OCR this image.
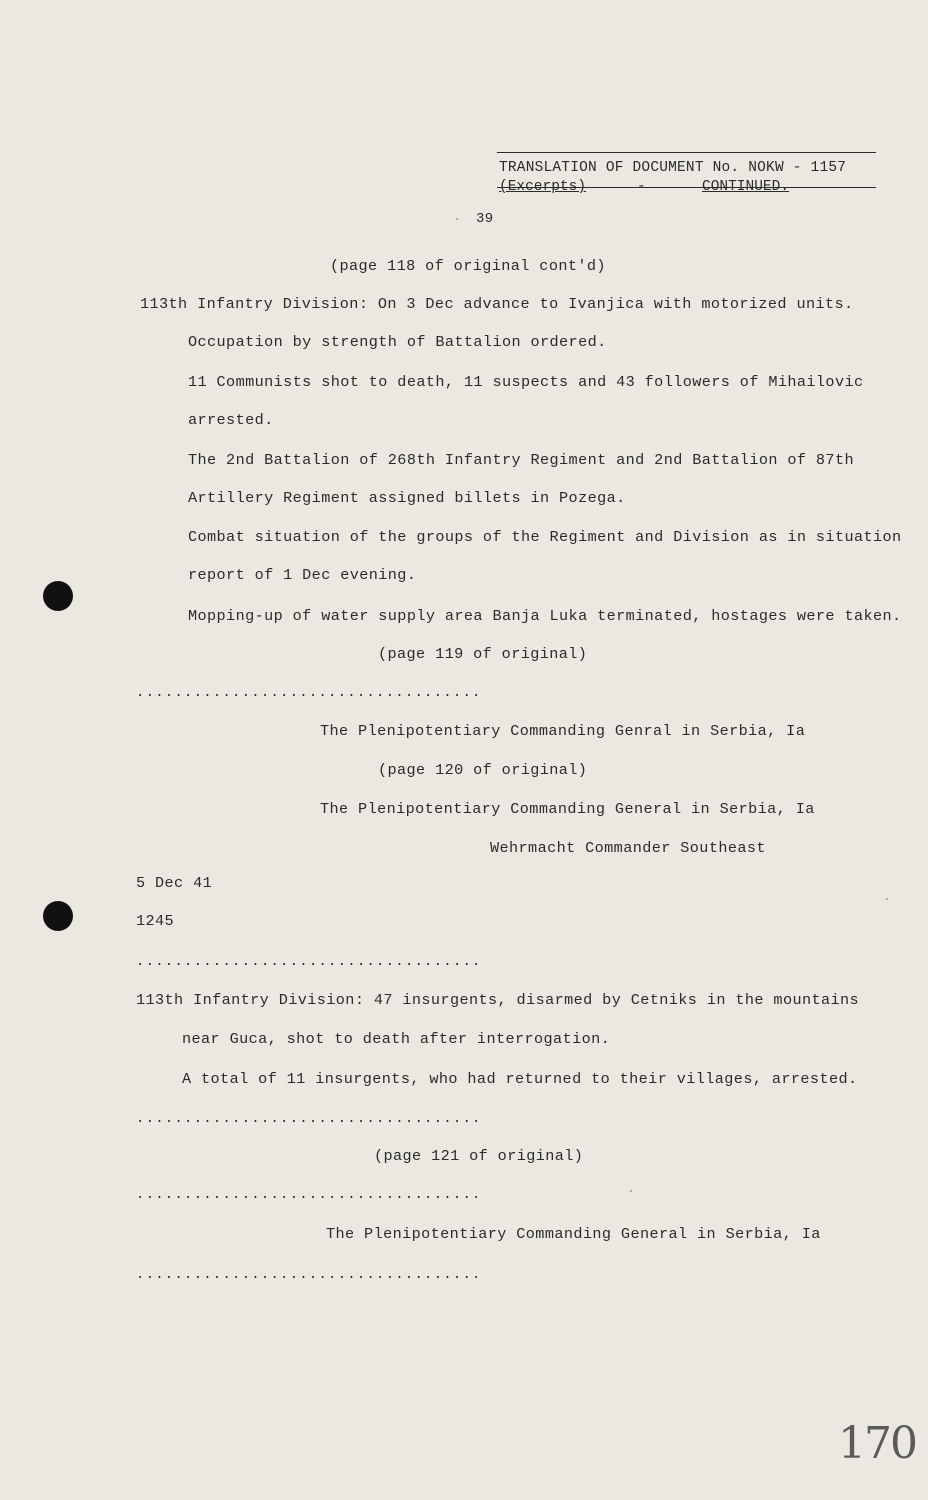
TRANSLATION OF DOCUMENT No. NOKW - 1157
(Excerpts)	-	CONTINUED.
39
(page 118 of original cont'd)
113th Infantry Division: On 3 Dec advance to Ivanjica with motorized units.
Occupation by strength of Battalion ordered.
11 Communists shot to death, 11 suspects and 43 followers of Mihailovic
arrested.
The 2nd Battalion of 268th Infantry Regiment and 2nd Battalion of 87th
Artillery Regiment assigned billets in Pozega.
Combat situation of the groups of the Regiment and Division as in situation
report of 1 Dec evening.
Mopping-up of water supply area Banja Luka terminated, hostages were taken.
(page 119 of original)
....................................
The Plenipotentiary Commanding Genral in Serbia, Ia
(page 120 of original)
The Plenipotentiary Commanding General in Serbia, Ia
Wehrmacht Commander Southeast
5 Dec 41
1245
....................................
113th Infantry Division: 47 insurgents, disarmed by Cetniks in the mountains
near Guca, shot to death after interrogation.
A total of 11 insurgents, who had returned to their villages, arrested.
....................................
(page 121 of original)
....................................
The Plenipotentiary Commanding General in Serbia, Ia
....................................
170
